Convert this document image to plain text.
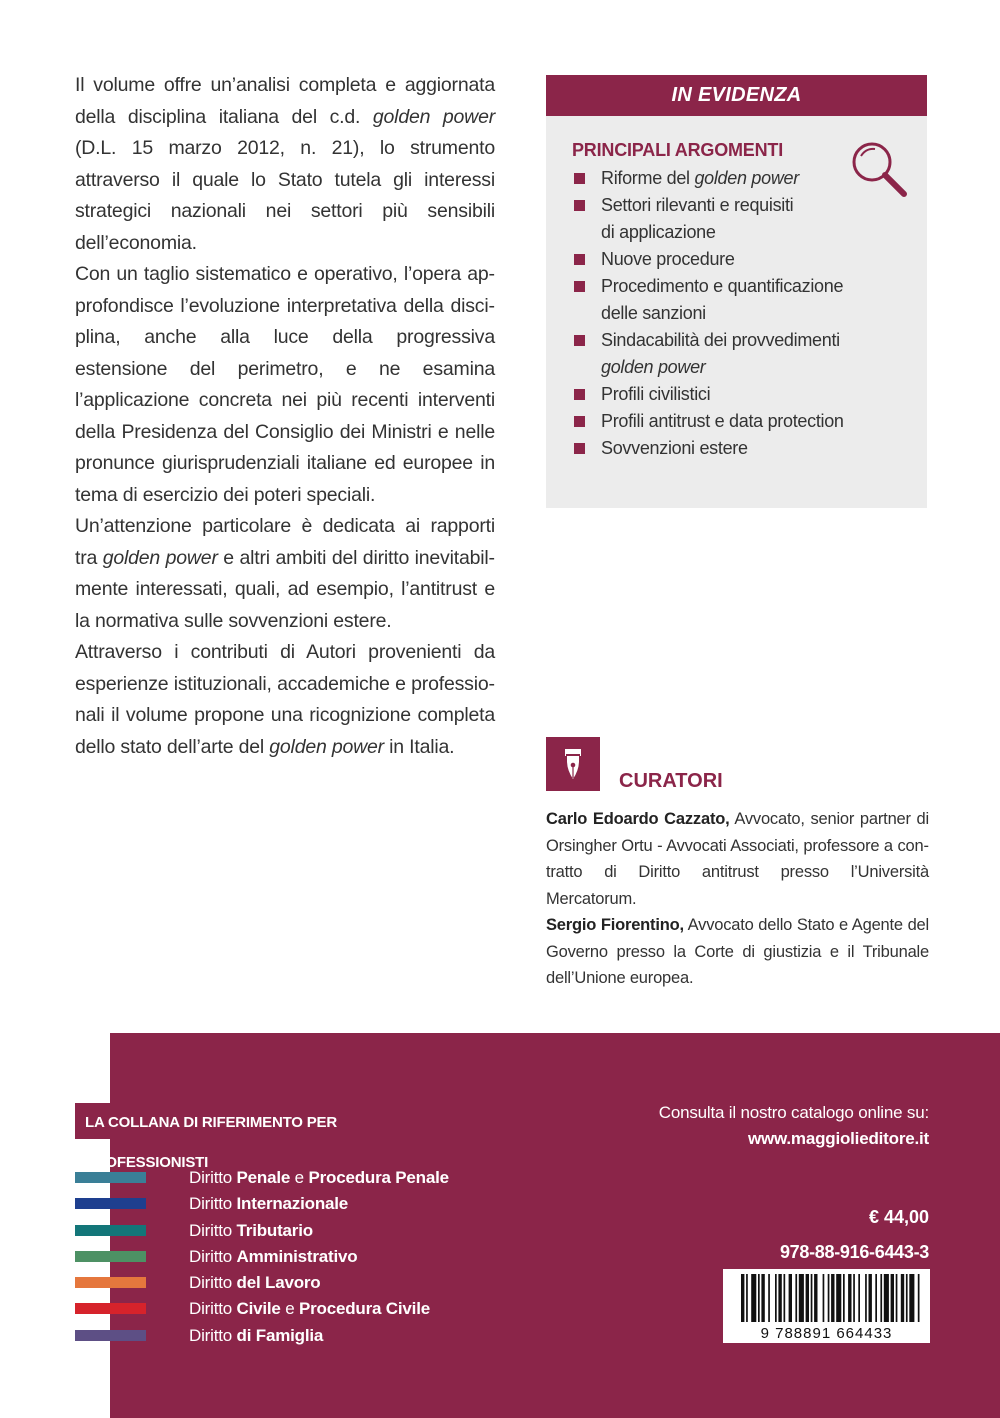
Il volume offre un’analisi completa e aggiornata della disciplina italiana del c.d. golden power (D.L. 15 marzo 2012, n. 21), lo strumento attraverso il quale lo Stato tutela gli interessi strategici nazionali nei settori più sensibili dell’economia.

Con un taglio sistematico e operativo, l’opera approfondisce l’evoluzione interpretativa della disciplina, anche alla luce della progressiva estensione del perimetro, e ne esamina l’applicazione concreta nei più recenti interventi della Presidenza del Consiglio dei Ministri e nelle pronunce giurisprudenziali italiane ed europee in tema di esercizio dei poteri speciali.

Un’attenzione particolare è dedicata ai rapporti tra golden power e altri ambiti del diritto inevitabilmente interessati, quali, ad esempio, l’antitrust e la normativa sulle sovvenzioni estere.

Attraverso i contributi di Autori provenienti da esperienze istituzionali, accademiche e professionali il volume propone una ricognizione completa dello stato dell’arte del golden power in Italia.

IN EVIDENZA
PRINCIPALI ARGOMENTI
Riforme del golden power
Settori rilevanti e requisiti
di applicazione
Nuove procedure
Procedimento e quantificazione
delle sanzioni
Sindacabilità dei provvedimenti
golden power
Profili civilistici
Profili antitrust e data protection
Sovvenzioni estere
CURATORI

Carlo Edoardo Cazzato, Avvocato, senior partner di Orsingher Ortu - Avvocati Associati, professore a contratto di Diritto antitrust presso l’Università Mercatorum.

Sergio Fiorentino, Avvocato dello Stato e Agente del Governo presso la Corte di giustizia e il Tribunale dell’Unione europea.

LA COLLANA DI RIFERIMENTO PER PROFESSIONISTI
Diritto Penale e Procedura Penale
Diritto Internazionale
Diritto Tributario
Diritto Amministrativo
Diritto del Lavoro
Diritto Civile e Procedura Civile
Diritto di Famiglia
Consulta il nostro catalogo online su:
www.maggiolieditore.it
€ 44,00
978-88-916-6443-3
9 788891 664433
